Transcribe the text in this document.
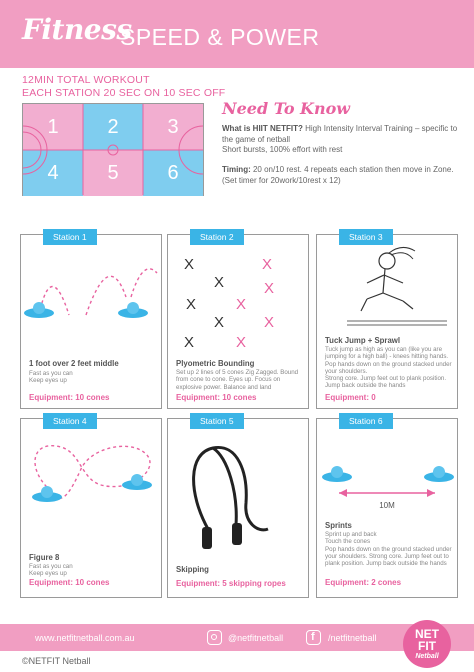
Fitness
SPEED & POWER
12MIN TOTAL WORKOUT
EACH STATION 20 SEC ON 10 SEC OFF
1	2	3
4	5	6
Need To Know
What is HIIT NETFIT? High Intensity Interval Training – specific to the game of netball
Short bursts, 100% effort with rest
Timing: 20 on/10 rest. 4 repeats each station then move in Zone. (Set timer for 20work/10rest x 12)
Station 1
1 foot over 2 feet middle
Fast as you can
Keep eyes up
Equipment: 10 cones
Station 2
X	X
X	X
X	X
X	X
X	X
Plyometric Bounding
Set up 2 lines of 5 cones Zig Zagged. Bound from cone to cone. Eyes up. Focus on explosive power. Balance and land
Equipment: 10 cones
Station 3
Tuck Jump + Sprawl
Tuck jump as high as you can (like you are jumping for a high ball) - knees hitting hands. Pop hands down on the ground stacked under your shoulders.
Strong core. Jump feet out to plank position. Jump back outside the hands
Equipment: 0
Station 4
Figure 8
Fast as you can
Keep eyes up
Equipment: 10 cones
Station 5
Skipping
Equipment: 5 skipping ropes
Station 6
10M
Sprints
Sprint up and back
Touch the cones
Pop hands down on the ground stacked under your shoulders. Strong core. Jump feet out to plank position. Jump back outside the hands
Equipment: 2 cones
www.netfitnetball.com.au	@netfitnetball	f /netfitnetball	NET
FIT
Netball
©NETFIT Netball
